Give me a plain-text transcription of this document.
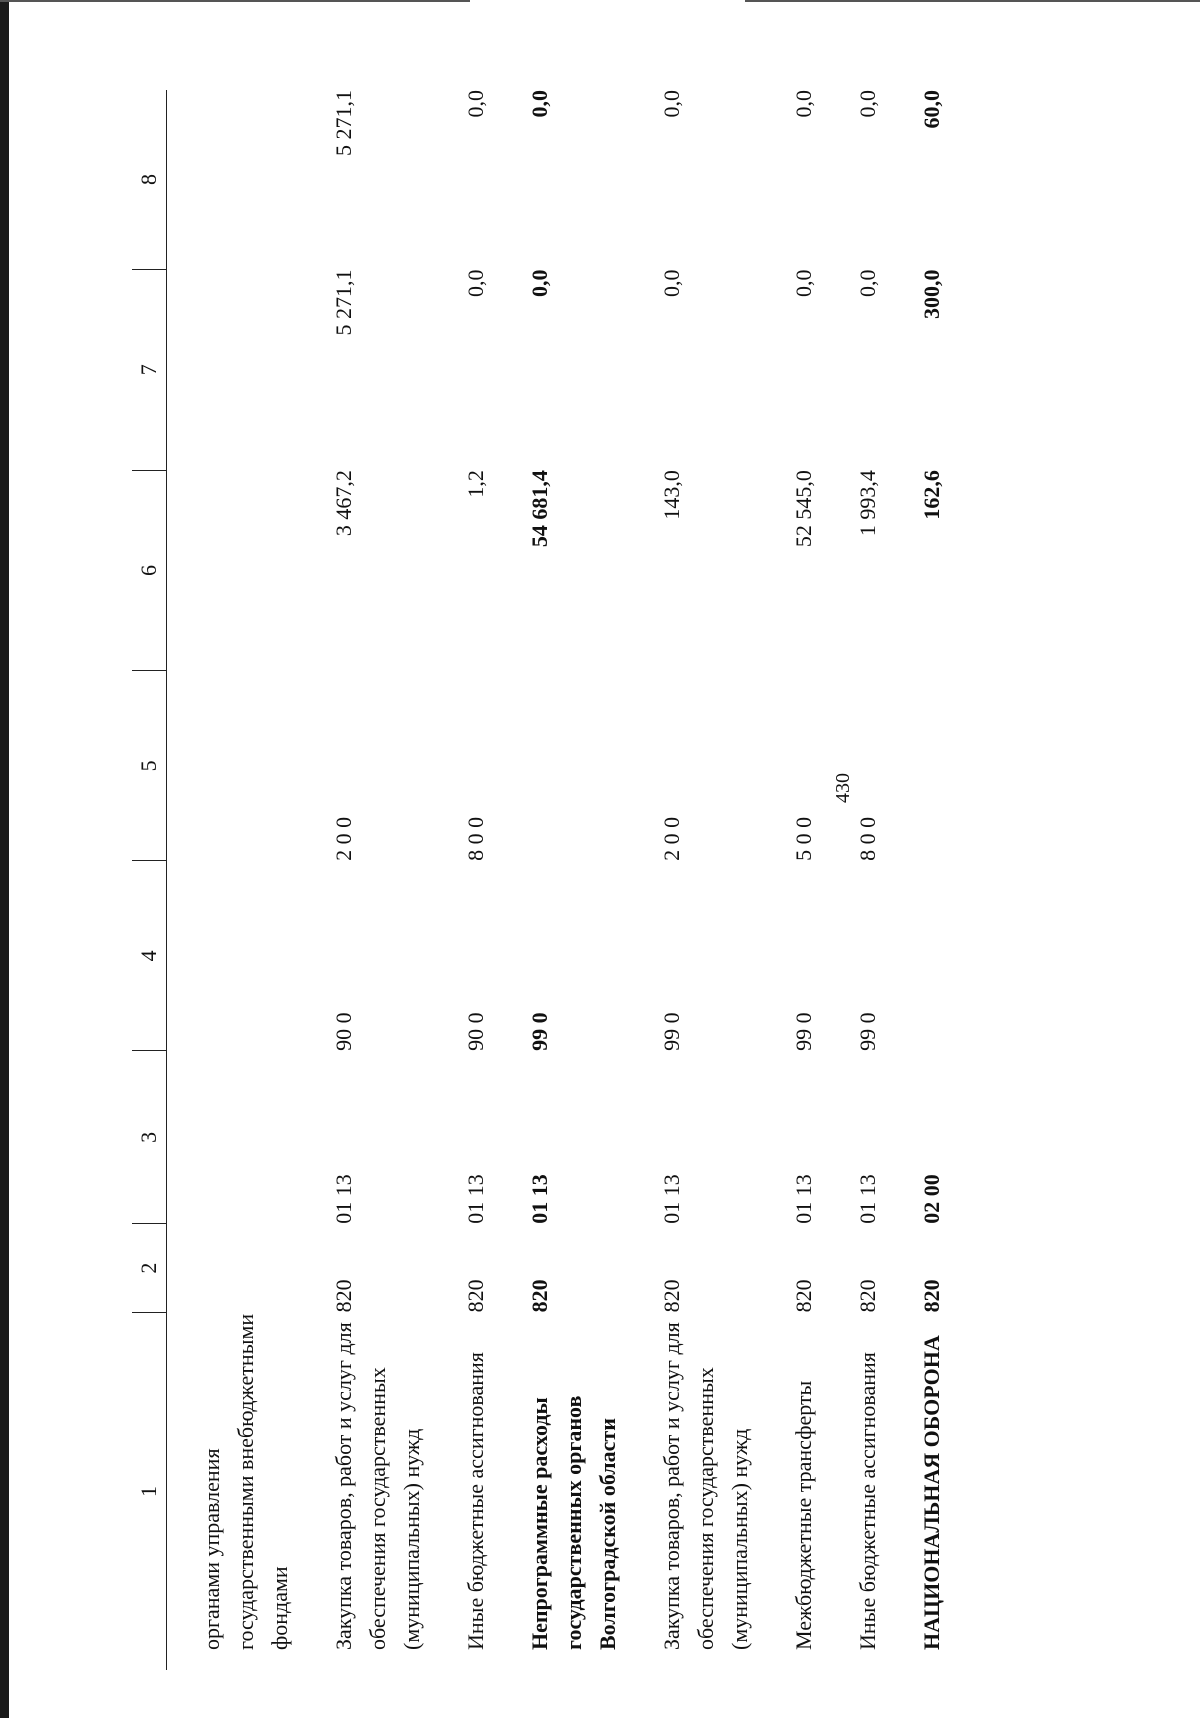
430
1	2	3	4	5	6	7	8
органами управления государственными внебюджетными фондами							
Закупка товаров, работ и услуг для обеспечения государственных (муниципальных) нужд	820	01 13	90 0	2 0 0	3 467,2	5 271,1	5 271,1
Иные бюджетные ассигнования	820	01 13	90 0	8 0 0	1,2	0,0	0,0
Непрограммные расходы государственных органов Волгоградской области	820	01 13	99 0		54 681,4	0,0	0,0
Закупка товаров, работ и услуг для обеспечения государственных (муниципальных) нужд	820	01 13	99 0	2 0 0	143,0	0,0	0,0
Межбюджетные трансферты	820	01 13	99 0	5 0 0	52 545,0	0,0	0,0
Иные бюджетные ассигнования	820	01 13	99 0	8 0 0	1 993,4	0,0	0,0
НАЦИОНАЛЬНАЯ ОБОРОНА	820	02 00			162,6	300,0	60,0
